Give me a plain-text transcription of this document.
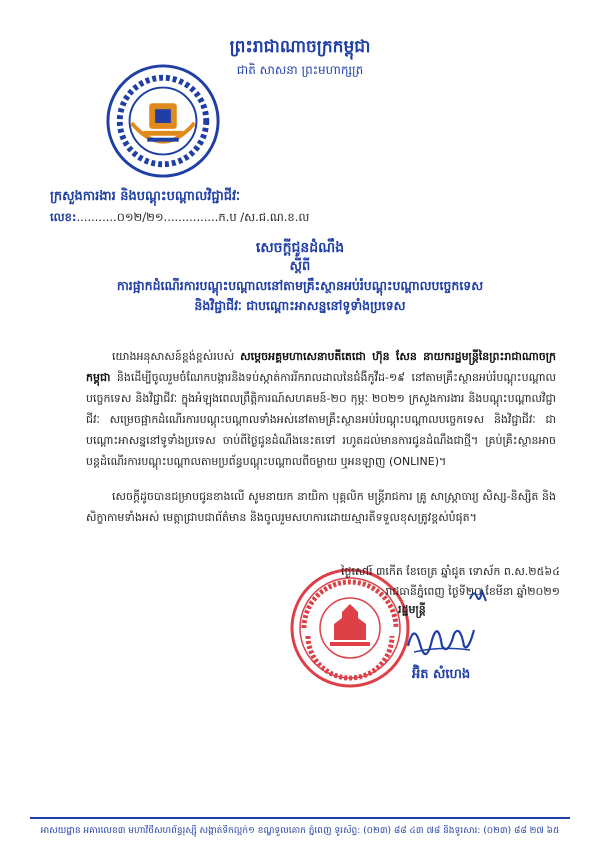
ព្រះរាជាណាចក្រកម្ពុជា
ជាតិ សាសនា ព្រះមហាក្សត្រ
ក្រសួងការងារ និងបណ្តុះបណ្តាលវិជ្ជាជីវៈ
លេខ:...........០១២/២១...............ក.ប /ស.ជ.ណ.ខ.ល
សេចក្តីជូនដំណឹង
ស្តីពី
ការផ្អាកដំណើរការបណ្តុះបណ្តាលនៅតាមគ្រឹះស្ថានអប់រំបណ្តុះបណ្តាលបច្ចេកទេស
និងវិជ្ជាជីវៈ ជាបណ្តោះអាសន្ននៅទូទាំងប្រទេស

យោងអនុសាសន៍ខ្ពង់ខ្ពស់របស់ សម្តេចអគ្គមហាសេនាបតីតេជោ ហ៊ុន សែន នាយករដ្ឋមន្ត្រីនៃព្រះរាជាណាចក្រកម្ពុជា និងដើម្បីចូលរួមចំណែកបង្ការនិងទប់ស្កាត់ការរីករាលដាលនៃជំងឺកូវីដ-១៩ នៅតាមគ្រឹះស្ថានអប់រំបណ្តុះបណ្តាលបច្ចេកទេស និងវិជ្ជាជីវៈ ក្នុងអំឡុងពេលព្រឹត្តិការណ៍សហគមន៍-២០ កុម្ភៈ ២០២១ ក្រសួងការងារ និងបណ្តុះបណ្តាលវិជ្ជាជីវៈ សម្រេចផ្អាកដំណើរការបណ្តុះបណ្តាលទាំងអស់នៅតាមគ្រឹះស្ថានអប់រំបណ្តុះបណ្តាលបច្ចេកទេស និងវិជ្ជាជីវៈ ជាបណ្តោះអាសន្ននៅទូទាំងប្រទេស ចាប់ពីថ្ងៃជូនដំណឹងនេះតទៅ រហូតដល់មានការជូនដំណឹងជាថ្មី។ គ្រប់គ្រឹះស្ថានអាចបន្តដំណើរការបណ្តុះបណ្តាលតាមប្រព័ន្ធបណ្តុះបណ្តាលពីចម្ងាយ ឬអនឡាញ (ONLINE)។

សេចក្តីដូចបានជម្រាបជូនខាងលើ សូមនាយក នាយិកា បុគ្គលិក មន្ត្រីរាជការ គ្រូ សាស្ត្រាចារ្យ សិស្ស-និស្សិត និងសិក្ខាកាមទាំងអស់ មេត្តាជ្រាបជាព័ត៌មាន និងចូលរួមសហការដោយស្មារតីទទួលខុសត្រូវខ្ពស់បំផុត។

ថ្ងៃសៅរ៍ ៣កើត ខែចេត្រ ឆ្នាំជូត ទោស័ក ព.ស.២៥៦៤
រាជធានីភ្នំពេញ ថ្ងៃទី២០ ខែមីនា ឆ្នាំ២០២១
រដ្ឋមន្ត្រី
អ៊ិត សំហេង
អាសយដ្ឋាន អគារលេខ៣ មហាវិថីសហព័ន្ធរុស្ស៊ី សង្កាត់ទឹកល្អក់១ ខណ្ឌទួលគោក ភ្នំពេញ ទូរស័ព្ទ: (០២៣) ៨៨ ៤៣ ៧៨ និងទូរសារ: (០២៣) ៨៨ ២៧ ៦៥
